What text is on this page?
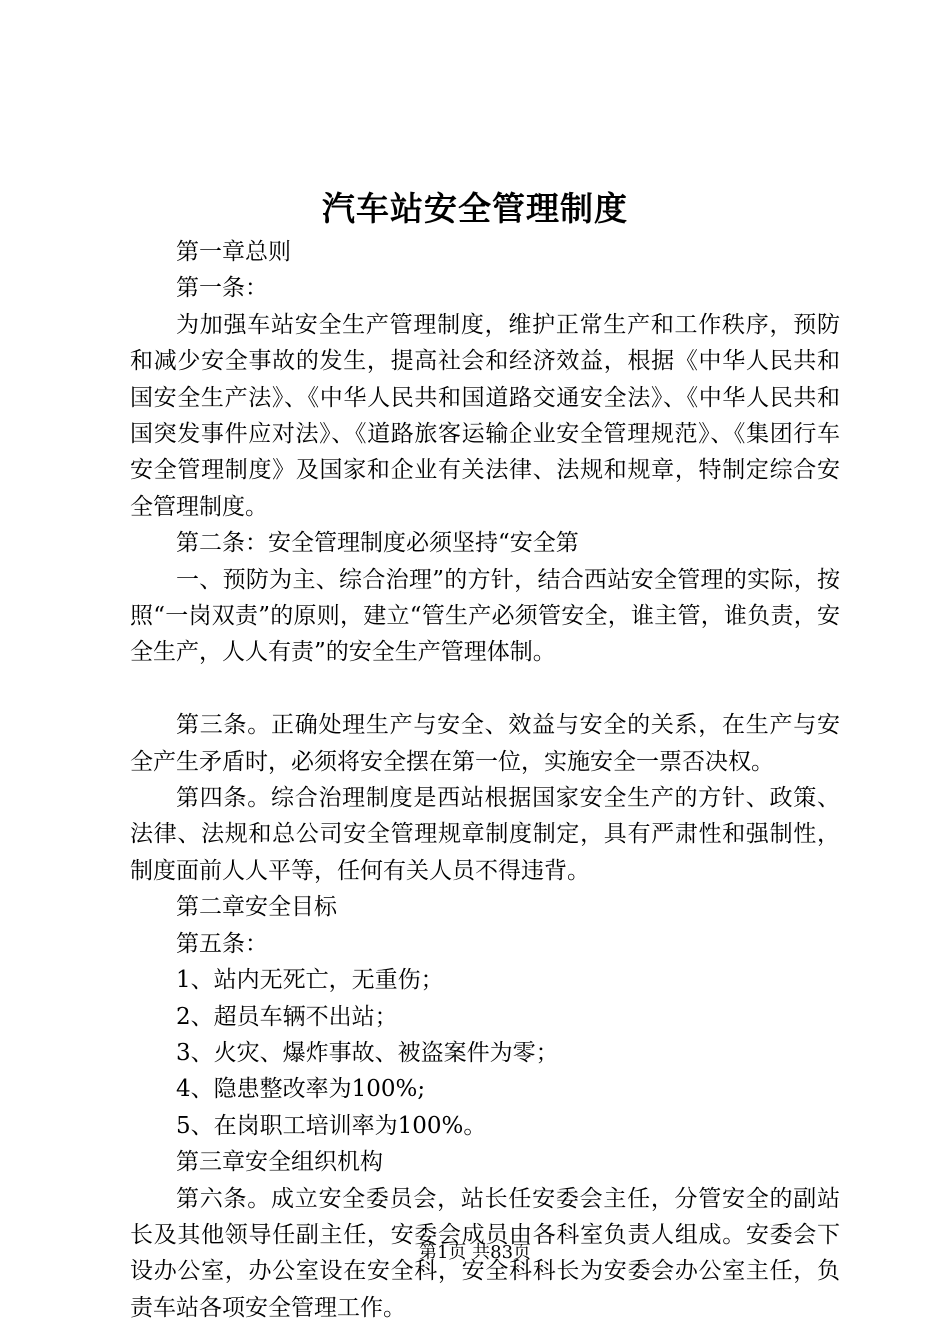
汽车站安全管理制度

第一章总则

第一条：

为加强车站安全生产管理制度，维护正常生产和工作秩序，预防和减少安全事故的发生，提高社会和经济效益，根据《中华人民共和国安全生产法》、《中华人民共和国道路交通安全法》、《中华人民共和国突发事件应对法》、《道路旅客运输企业安全管理规范》、《集团行车安全管理制度》及国家和企业有关法律、法规和规章，特制定综合安全管理制度。

第二条：安全管理制度必须坚持“安全第

一、预防为主、综合治理”的方针，结合西站安全管理的实际，按照“一岗双责”的原则，建立“管生产必须管安全，谁主管，谁负责，安全生产，人人有责”的安全生产管理体制。

第三条。正确处理生产与安全、效益与安全的关系，在生产与安全产生矛盾时，必须将安全摆在第一位，实施安全一票否决权。

第四条。综合治理制度是西站根据国家安全生产的方针、政策、法律、法规和总公司安全管理规章制度制定，具有严肃性和强制性，制度面前人人平等，任何有关人员不得违背。

第二章安全目标

第五条：

1、站内无死亡，无重伤；

2、超员车辆不出站；

3、火灾、爆炸事故、被盗案件为零；

4、隐患整改率为100%;

5、在岗职工培训率为100%。

第三章安全组织机构

第六条。成立安全委员会，站长任安委会主任，分管安全的副站长及其他领导任副主任，安委会成员由各科室负责人组成。安委会下设办公室，办公室设在安全科，安全科科长为安委会办公室主任，负责车站各项安全管理工作。

第1页 共83页
